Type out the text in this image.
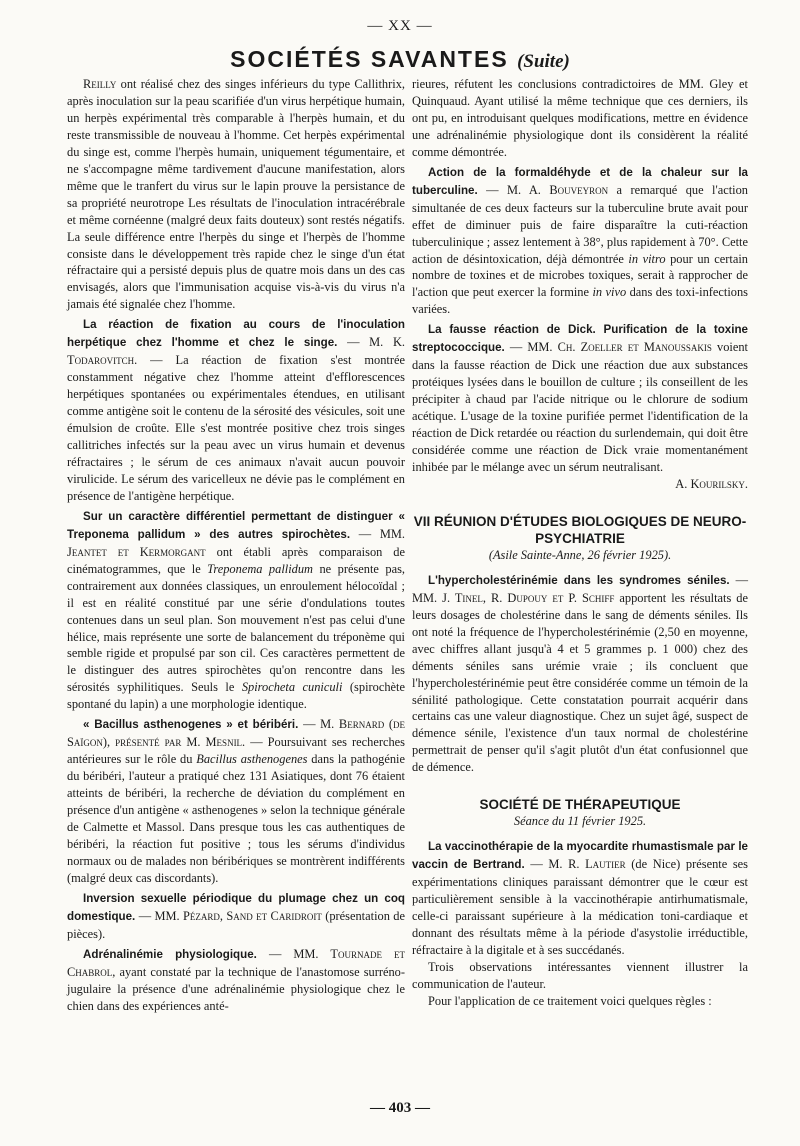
— XX —
SOCIÉTÉS SAVANTES (Suite)

Reilly ont réalisé chez des singes inférieurs du type Callithrix, après inoculation sur la peau scarifiée d'un virus herpétique humain, un herpès expérimental très comparable à l'herpès humain, et du reste transmissible de nouveau à l'homme. Cet herpès expérimental du singe est, comme l'herpès humain, uniquement tégumentaire, et ne s'accompagne même tardivement d'aucune manifestation, alors même que le tranfert du virus sur le lapin prouve la persistance de sa propriété neurotrope Les résultats de l'inoculation intracérébrale et même cornéenne (malgré deux faits douteux) sont restés négatifs. La seule différence entre l'herpès du singe et l'herpès de l'homme consiste dans le développement très rapide chez le singe d'un état réfractaire qui a persisté depuis plus de quatre mois dans un des cas envisagés, alors que l'immunisation acquise vis-à-vis du virus n'a jamais été signalée chez l'homme.

La réaction de fixation au cours de l'inoculation herpétique chez l'homme et chez le singe. — M. K. Todarovitch. — La réaction de fixation s'est montrée constamment négative chez l'homme atteint d'efflorescences herpétiques spontanées ou expérimentales étendues, en utilisant comme antigène soit le contenu de la sérosité des vésicules, soit une émulsion de croûte. Elle s'est montrée positive chez trois singes callitriches infectés sur la peau avec un virus humain et devenus réfractaires ; le sérum de ces animaux n'avait aucun pouvoir virulicide. Le sérum des varicelleux ne dévie pas le complément en présence de l'antigène herpétique.

Sur un caractère différentiel permettant de distinguer « Treponema pallidum » des autres spirochètes. — MM. Jeantet et Kermorgant ont établi après comparaison de cinématogrammes, que le Treponema pallidum ne présente pas, contrairement aux données classiques, un enroulement hélocoïdal ; il est en réalité constitué par une série d'ondulations toutes contenues dans un seul plan. Son mouvement n'est pas celui d'une hélice, mais représente une sorte de balancement du tréponème qui semble rigide et propulsé par son cil. Ces caractères permettent de le distinguer des autres spirochètes qu'on rencontre dans les sérosités syphilitiques. Seuls le Spirocheta cuniculi (spirochète spontané du lapin) a une morphologie identique.

« Bacillus asthenogenes » et béribéri. — M. Bernard (de Saïgon), présenté par M. Mesnil. — Poursuivant ses recherches antérieures sur le rôle du Bacillus asthenogenes dans la pathogénie du béribéri, l'auteur a pratiqué chez 131 Asiatiques, dont 76 étaient atteints de béribéri, la recherche de déviation du complément en présence d'un antigène « asthenogenes » selon la technique générale de Calmette et Massol. Dans presque tous les cas authentiques de béribéri, la réaction fut positive ; tous les sérums d'individus normaux ou de malades non béribériques se montrèrent indifférents (malgré deux cas discordants).

Inversion sexuelle périodique du plumage chez un coq domestique. — MM. Pézard, Sand et Caridroit (présentation de pièces).

Adrénalinémie physiologique. — MM. Tournade et Chabrol, ayant constaté par la technique de l'anastomose surréno-jugulaire la présence d'une adrénalinémie physiologique chez le chien dans des expériences anté-

rieures, réfutent les conclusions contradictoires de MM. Gley et Quinquaud. Ayant utilisé la même technique que ces derniers, ils ont pu, en introduisant quelques modifications, mettre en évidence une adrénalinémie physiologique dont ils considèrent la réalité comme démontrée.

Action de la formaldéhyde et de la chaleur sur la tuberculine. — M. A. Bouveyron a remarqué que l'action simultanée de ces deux facteurs sur la tuberculine brute avait pour effet de diminuer puis de faire disparaître la cuti-réaction tuberculinique ; assez lentement à 38°, plus rapidement à 70°. Cette action de désintoxication, déjà démontrée in vitro pour un certain nombre de toxines et de microbes toxiques, serait à rapprocher de l'action que peut exercer la formine in vivo dans des toxi-infections variées.

La fausse réaction de Dick. Purification de la toxine streptococcique. — MM. Ch. Zoeller et Manoussakis voient dans la fausse réaction de Dick une réaction due aux substances protéiques lysées dans le bouillon de culture ; ils conseillent de les précipiter à chaud par l'acide nitrique ou le chlorure de sodium acétique. L'usage de la toxine purifiée permet l'identification de la réaction de Dick retardée ou réaction du surlendemain, qui doit être considérée comme une réaction de Dick vraie momentanément inhibée par le mélange avec un sérum neutralisant.

A. Kourilsky.

VII RÉUNION D'ÉTUDES BIOLOGIQUES DE NEURO-PSYCHIATRIE
(Asile Sainte-Anne, 26 février 1925).

L'hypercholestérinémie dans les syndromes séniles. — MM. J. Tinel, R. Dupouy et P. Schiff apportent les résultats de leurs dosages de cholestérine dans le sang de déments séniles. Ils ont noté la fréquence de l'hypercholestérinémie (2,50 en moyenne, avec chiffres allant jusqu'à 4 et 5 grammes p. 1 000) chez des déments séniles sans urémie vraie ; ils concluent que l'hypercholestérinémie peut être considérée comme un témoin de la sénilité pathologique. Cette constatation pourrait acquérir dans certains cas une valeur diagnostique. Chez un sujet âgé, suspect de démence sénile, l'existence d'un taux normal de cholestérine permettrait de penser qu'il s'agit plutôt d'un état confusionnel que de démence.

SOCIÉTÉ DE THÉRAPEUTIQUE
Séance du 11 février 1925.

La vaccinothérapie de la myocardite rhumastismale par le vaccin de Bertrand. — M. R. Lautier (de Nice) présente ses expérimentations cliniques paraissant démontrer que le cœur est particulièrement sensible à la vaccinothérapie antirhumatismale, celle-ci paraissant supérieure à la médication toni-cardiaque et donnant des résultats même à la période d'asystolie irréductible, réfractaire à la digitale et à ses succédanés.

Trois observations intéressantes viennent illustrer la communication de l'auteur.

Pour l'application de ce traitement voici quelques règles :

— 403 —
